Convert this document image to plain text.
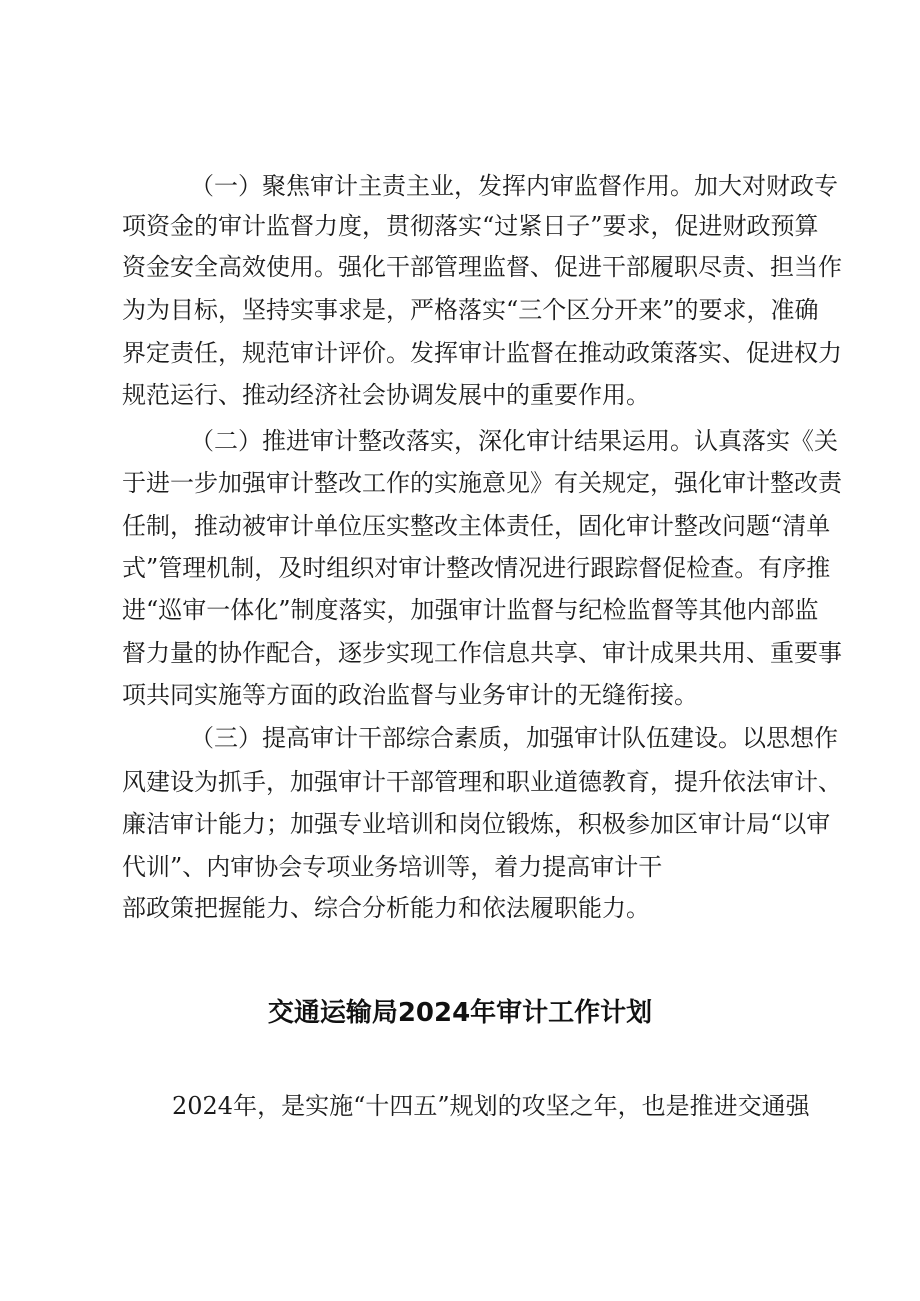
（一）聚焦审计主责主业，发挥内审监督作用。加大对财政专

项资金的审计监督力度，贯彻落实“过紧日子”要求，促进财政预算

资金安全高效使用。强化干部管理监督、促进干部履职尽责、担当作

为为目标，坚持实事求是，严格落实“三个区分开来”的要求，准确

界定责任，规范审计评价。发挥审计监督在推动政策落实、促进权力

规范运行、推动经济社会协调发展中的重要作用。

（二）推进审计整改落实，深化审计结果运用。认真落实《关

于进一步加强审计整改工作的实施意见》有关规定，强化审计整改责

任制，推动被审计单位压实整改主体责任，固化审计整改问题“清单

式”管理机制，及时组织对审计整改情况进行跟踪督促检查。有序推

进“巡审一体化”制度落实，加强审计监督与纪检监督等其他内部监

督力量的协作配合，逐步实现工作信息共享、审计成果共用、重要事

项共同实施等方面的政治监督与业务审计的无缝衔接。

（三）提高审计干部综合素质，加强审计队伍建设。以思想作

风建设为抓手，加强审计干部管理和职业道德教育，提升依法审计、

廉洁审计能力；加强专业培训和岗位锻炼，积极参加区审计局“以审

代训”、内审协会专项业务培训等，着力提高审计干

部政策把握能力、综合分析能力和依法履职能力。

交通运输局2024年审计工作计划

2024年，是实施“十四五”规划的攻坚之年，也是推进交通强
